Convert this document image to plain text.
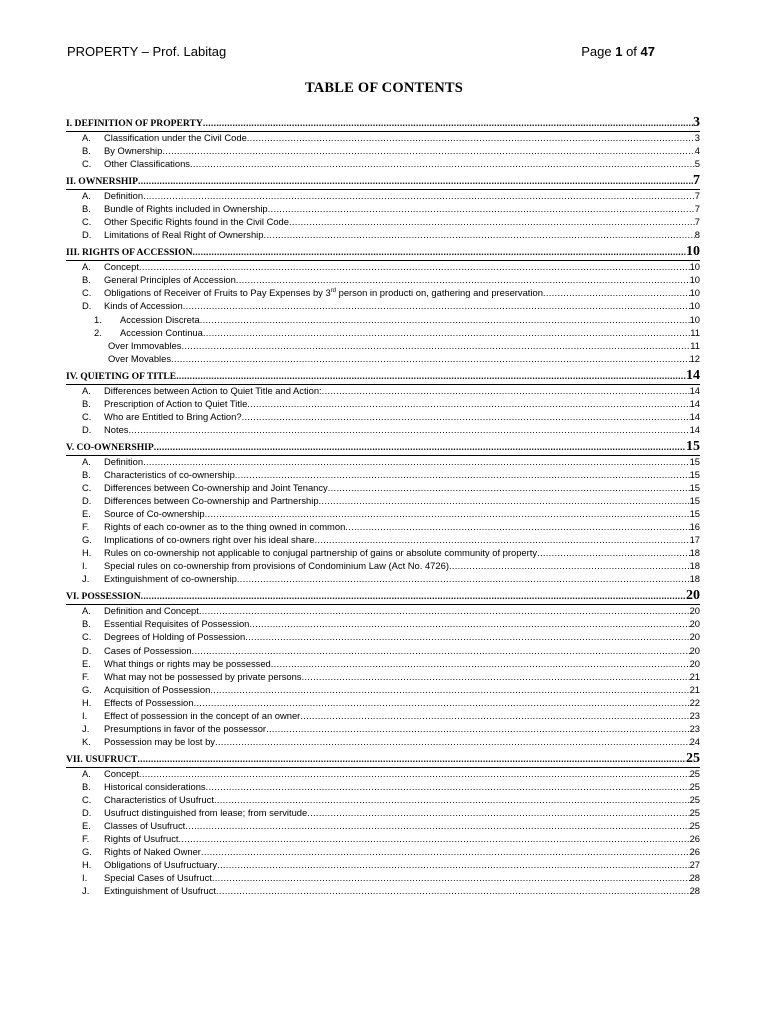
PROPERTY – Prof. Labitag	Page 1 of 47
TABLE OF CONTENTS
I. DEFINITION OF PROPERTY .....	3
A.	Classification under the Civil Code .....	3
B.	By Ownership .....	4
C.	Other Classifications .....	5
II. OWNERSHIP .....	7
A.	Definition .....	7
B.	Bundle of Rights included in Ownership .....	7
C.	Other Specific Rights found in the Civil Code .....	7
D.	Limitations of Real Right of Ownership .....	8
III. RIGHTS OF ACCESSION .....	10
A.	Concept .....	10
B.	General Principles of Accession .....	10
C.	Obligations of Receiver of Fruits to Pay Expenses by 3rd person in producti on, gathering and preservation .....	10
D.	Kinds of Accession .....	10
1.	Accession Discreta .....	10
2.	Accession Continua .....	11
Over Immovables .....	11
Over Movables .....	12
IV. QUIETING OF TITLE .....	14
A.	Differences between Action to Quiet Title and Action: .....	14
B.	Prescription of Action to Quiet Title .....	14
C.	Who are Entitled to Bring Action? .....	14
D.	Notes .....	14
V. CO-OWNERSHIP .....	15
A.	Definition .....	15
B.	Characteristics of co-ownership .....	15
C.	Differences between Co-ownership and Joint Tenancy .....	15
D.	Differences between Co-ownership and Partnership .....	15
E.	Source of Co-ownership .....	15
F.	Rights of each co-owner as to the thing owned in common .....	16
G.	Implications of co-owners right over his ideal share .....	17
H.	Rules on co-ownership not applicable to conjugal partnership of gains or absolute community of property .....	18
I.	Special rules on co-ownership from provisions of Condominium Law (Act No. 4726) .....	18
J.	Extinguishment of co-ownership .....	18
VI. POSSESSION .....	20
A.	Definition and Concept .....	20
B.	Essential Requisites of Possession .....	20
C.	Degrees of Holding of Possession .....	20
D.	Cases of Possession .....	20
E.	What things or rights may be possessed .....	20
F.	What may not be possessed by private persons .....	21
G.	Acquisition of Possession .....	21
H.	Effects of Possession .....	22
I.	Effect of possession in the concept of an owner .....	23
J.	Presumptions in favor of the possessor .....	23
K.	Possession may be lost by .....	24
VII. USUFRUCT .....	25
A.	Concept .....	25
B.	Historical considerations .....	25
C.	Characteristics of Usufruct .....	25
D.	Usufruct distinguished from lease; from servitude .....	25
E.	Classes of Usufruct .....	25
F.	Rights of Usufruct .....	26
G.	Rights of Naked Owner .....	26
H.	Obligations of Usufructuary .....	27
I.	Special Cases of Usufruct .....	28
J.	Extinguishment of Usufruct .....	28
